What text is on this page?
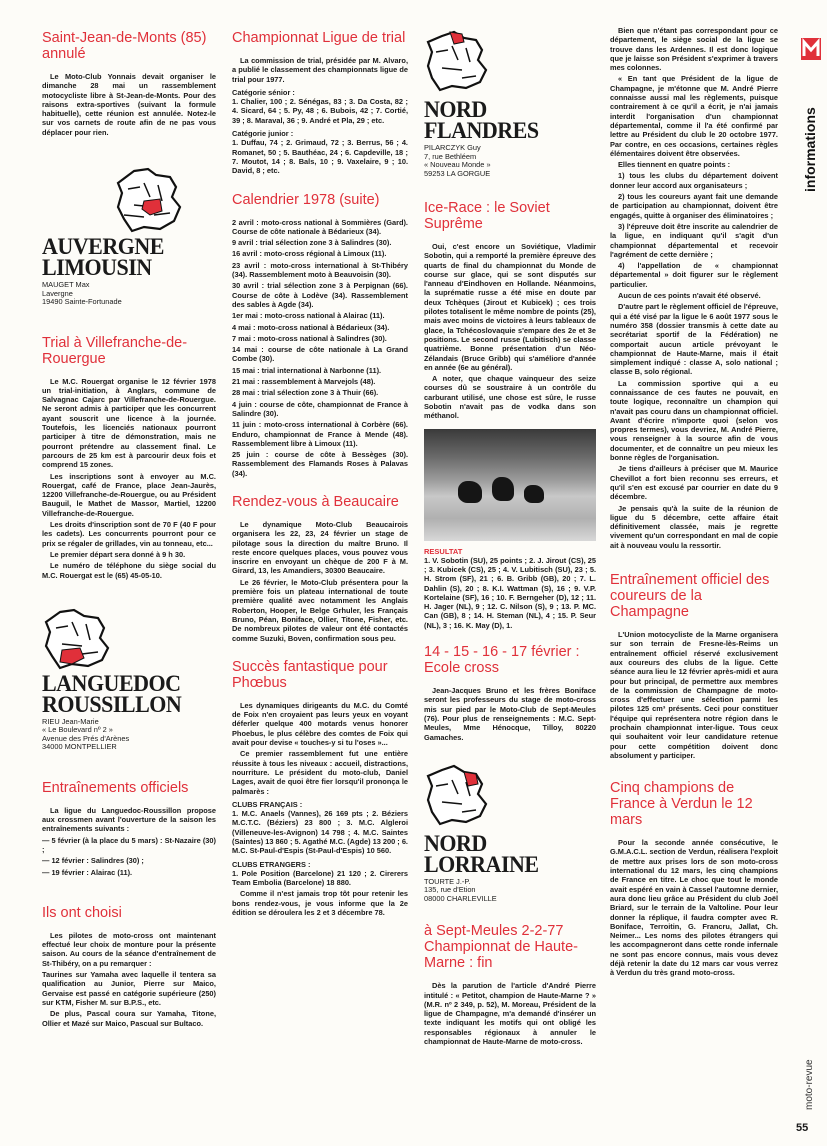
Saint-Jean-de-Monts (85) annulé

Le Moto-Club Yonnais devait organiser le dimanche 28 mai un rassemblement motocycliste libre à St-Jean-de-Monts. Pour des raisons extra-sportives (suivant la formule habituelle), cette réunion est annulée. Notez-le sur vos carnets de route afin de ne pas vous déplacer pour rien.

AUVERGNE
LIMOUSIN
MAUGET Max
Lavergne
19490 Sainte-Fortunade
Trial à Villefranche-de-Rouergue

Le M.C. Rouergat organise le 12 février 1978 un trial-initiation, à Anglars, commune de Salvagnac Cajarc par Villefranche-de-Rouergue. Ne seront admis à participer que les concurrent ayant souscrit une licence à la journée. Toutefois, les licenciés nationaux pourront participer à titre de démonstration, mais ne pourront prétendre au classement final. Le parcours de 25 km est à parcourir deux fois et comprend 15 zones.

Les inscriptions sont à envoyer au M.C. Rouergat, café de France, place Jean-Jaurès, 12200 Villefranche-de-Rouergue, ou au Président Bauguil, le Mathet de Massor, Martiel, 12200 Villefranche-de-Rouergue.

Les droits d'inscription sont de 70 F (40 F pour les cadets). Les concurrents pourront pour ce prix se régaler de grillades, vin au tonneau, etc...

Le premier départ sera donné à 9 h 30.

Le numéro de téléphone du siège social du M.C. Rouergat est le (65) 45-05-10.

LANGUEDOC
ROUSSILLON
RIEU Jean-Marie
« Le Boulevard nº 2 »
Avenue des Prés d'Arènes
34000 MONTPELLIER
Entraînements officiels

La ligue du Languedoc-Roussillon propose aux crossmen avant l'ouverture de la saison les entraînements suivants :

— 5 février (à la place du 5 mars) : St-Nazaire (30) ;

— 12 février : Salindres (30) ;

— 19 février : Alairac (11).

Ils ont choisi

Les pilotes de moto-cross ont maintenant effectué leur choix de monture pour la présente saison. Au cours de la séance d'entraînement de St-Thibéry, on a pu remarquer :

Taurines sur Yamaha avec laquelle il tentera sa qualification au Junior, Pierre sur Maico, Gervaise est passé en catégorie supérieure (250) sur KTM, Fisher M. sur B.P.S., etc.

De plus, Pascal coura sur Yamaha, Titone, Ollier et Mazé sur Maico, Pascual sur Bultaco.

Championnat Ligue de trial

La commission de trial, présidée par M. Alvaro, a publié le classement des championnats ligue de trial pour 1977.

Catégorie sénior :

1. Chalier, 100 ; 2. Sénégas, 83 ; 3. Da Costa, 82 ; 4. Sicard, 64 ; 5. Py, 48 ; 6. Bubois, 42 ; 7. Cortié, 39 ; 8. Maraval, 36 ; 9. André et Pla, 29 ; etc.

Catégorie junior :

1. Duffau, 74 ; 2. Grimaud, 72 ; 3. Berrus, 56 ; 4. Romanet, 50 ; 5. Bauthéac, 24 ; 6. Capdeville, 18 ; 7. Moutot, 14 ; 8. Bals, 10 ; 9. Vaxelaire, 9 ; 10. David, 8 ; etc.

Calendrier 1978 (suite)

2 avril : moto-cross national à Sommières (Gard). Course de côte nationale à Bédarieux (34).

9 avril : trial sélection zone 3 à Salindres (30).

16 avril : moto-cross régional à Limoux (11).

23 avril : moto-cross international à St-Thibéry (34). Rassemblement moto à Beauvoisin (30).

30 avril : trial sélection zone 3 à Perpignan (66). Course de côte à Lodève (34). Rassemblement des sables à Agde (34).

1er mai : moto-cross national à Alairac (11).

4 mai : moto-cross national à Bédarieux (34).

7 mai : moto-cross national à Salindres (30).

14 mai : course de côte nationale à La Grand Combe (30).

15 mai : trial international à Narbonne (11).

21 mai : rassemblement à Marvejols (48).

28 mai : trial sélection zone 3 à Thuir (66).

4 juin : course de côte, championnat de France à Salindre (30).

11 juin : moto-cross international à Corbère (66). Enduro, championnat de France à Mende (48). Rassemblement libre à Limoux (11).

25 juin : course de côte à Bessèges (30). Rassemblement des Flamands Roses à Palavas (34).

Rendez-vous à Beaucaire

Le dynamique Moto-Club Beaucairois organisera les 22, 23, 24 février un stage de pilotage sous la direction du maître Bruno. Il reste encore quelques places, vous pouvez vous inscrire en envoyant un chèque de 200 F à M. Girard, 13, les Amandiers, 30300 Beaucaire.

Le 26 février, le Moto-Club présentera pour la première fois un plateau international de toute première qualité avec notamment les Anglais Roberton, Hooper, le Belge Grhuler, les Français Bruno, Péan, Boniface, Ollier, Titone, Fisher, etc. De nombreux pilotes de valeur ont été contactés comme Suzuki, Boven, confirmation sous peu.

Succès fantastique pour Phœbus

Les dynamiques dirigeants du M.C. du Comté de Foix n'en croyaient pas leurs yeux en voyant déferler quelque 400 motards venus honorer Phoebus, le plus célèbre des comtes de Foix qui avait pour devise « touches-y si tu l'oses »...

Ce premier rassemblement fut une entière réussite à tous les niveaux : accueil, distractions, nourriture. Le président du moto-club, Daniel Lages, avait de quoi être fier lorsqu'il prononça le palmarès :

CLUBS FRANÇAIS :

1. M.C. Anaels (Vannes), 26 169 pts ; 2. Béziers M.C.T.C. (Béziers) 23 800 ; 3. M.C. Algleroi (Villeneuve-les-Avignon) 14 798 ; 4. M.C. Saintes (Saintes) 13 860 ; 5. Agathé M.C. (Agde) 13 200 ; 6. M.C. St-Paul-d'Espis (St-Paul-d'Espis) 10 560.

CLUBS ETRANGERS :

1. Pole Position (Barcelone) 21 120 ; 2. Cirerers Team Embolia (Barcelone) 18 880.

Comme il n'est jamais trop tôt pour retenir les bons rendez-vous, je vous informe que la 2e édition se déroulera les 2 et 3 décembre 78.

NORD FLANDRES
PILARCZYK Guy
7, rue Bethléem
« Nouveau Monde »
59253 LA GORGUE
Ice-Race : le Soviet Suprême

Oui, c'est encore un Soviétique, Vladimir Sobotin, qui a remporté la première épreuve des quarts de final du championnat du Monde de course sur glace, qui se sont disputés sur l'anneau d'Eindhoven en Hollande. Néanmoins, la suprématie russe a été mise en doute par deux Tchèques (Jirout et Kubicek) ; ces trois pilotes totalisent le même nombre de points (25), mais avec moins de victoires à leurs tableaux de glace, la Tchécoslovaquie s'empare des 2e et 3e positions. Le second russe (Lubitisch) se classe quatrième. Bonne présentation d'un Néo-Zélandais (Bruce Gribb) qui s'améliore d'année en année (6e au général).

A noter, que chaque vainqueur des seize courses dû se soustraire à un contrôle du carburant utilisé, une chose est sûre, le russe Sobotin n'avait pas de vodka dans son méthanol.

RESULTAT

1. V. Sobotin (SU), 25 points ; 2. J. Jirout (CS), 25 ; 3. Kubicek (CS), 25 ; 4. V. Lubitisch (SU), 23 ; 5. H. Strom (SF), 21 ; 6. B. Gribb (GB), 20 ; 7. L. Dahlin (S), 20 ; 8. K.I. Wattman (S), 16 ; 9. V.P. Kortelaine (SF), 16 ; 10. F. Berngeher (D), 12 ; 11. H. Jager (NL), 9 ; 12. C. Nilson (S), 9 ; 13. P. MC. Can (GB), 8 ; 14. H. Steman (NL), 4 ; 15. P. Seur (NL), 3 ; 16. K. May (D), 1.

14 - 15 - 16 - 17 février : Ecole cross

Jean-Jacques Bruno et les frères Boniface seront les professeurs du stage de moto-cross mis sur pied par le Moto-Club de Sept-Meules (76). Pour plus de renseignements : M.C. Sept-Meules, Mme Hénocque, Tilloy, 80220 Gamaches.

NORD LORRAINE
TOURTE J.-P.
135, rue d'Etion
08000 CHARLEVILLE
à Sept-Meules 2-2-77 Championnat de Haute-Marne : fin

Dès la parution de l'article d'André Pierre intitulé : « Petitot, champion de Haute-Marne ? » (M.R. nº 2 349, p. 52), M. Moreau, Président de la ligue de Champagne, m'a demandé d'insérer un texte indiquant les motifs qui ont obligé les responsables régionaux à annuler le championnat de Haute-Marne de moto-cross.

Bien que n'étant pas correspondant pour ce département, le siège social de la ligue se trouve dans les Ardennes. Il est donc logique que je laisse son Président s'exprimer à travers mes colonnes.

« En tant que Président de la ligue de Champagne, je m'étonne que M. André Pierre connaisse aussi mal les règlements, puisque contrairement à ce qu'il a écrit, je n'ai jamais interdit l'organisation d'un championnat départemental, comme il l'a été confirmé par lettre au Président du club le 20 octobre 1977. Par contre, en ces occasions, certaines règles élémentaires doivent être observées.

Elles tiennent en quatre points :

1) tous les clubs du département doivent donner leur accord aux organisateurs ;

2) tous les coureurs ayant fait une demande de participation au championnat, doivent être engagés, quitte à organiser des éliminatoires ;

3) l'épreuve doit être inscrite au calendrier de la ligue, en indiquant qu'il s'agit d'un championnat départemental et recevoir l'agrément de cette dernière ;

4) l'appellation de « championnat départemental » doit figurer sur le règlement particulier.

Aucun de ces points n'avait été observé.

D'autre part le règlement officiel de l'épreuve, qui a été visé par la ligue le 6 août 1977 sous le numéro 358 (dossier transmis à cette date au secrétariat sportif de la Fédération) ne comportait aucun article prévoyant le championnat de Haute-Marne, mais il était simplement indiqué : classe A, solo national ; classe B, solo régional.

La commission sportive qui a eu connaissance de ces fautes ne pouvait, en toute logique, reconnaître un champion qui n'avait pas couru dans un championnat officiel. Avant d'écrire n'importe quoi (selon vos propres termes), vous devriez, M. André Pierre, vous renseigner à la source afin de vous documenter, et de connaître un peu mieux les bonne règles de l'organisation.

Je tiens d'ailleurs à préciser que M. Maurice Chevillot a fort bien reconnu ses erreurs, et qu'il s'en est excusé par courrier en date du 9 décembre.

Je pensais qu'à la suite de la réunion de ligue du 5 décembre, cette affaire était définitivement classée, mais je regrette vivement qu'un correspondant en mal de copie ait à nouveau voulu la ressortir.

Entraînement officiel des coureurs de la Champagne

L'Union motocycliste de la Marne organisera sur son terrain de Fresne-lès-Reims un entraînement officiel réservé exclusivement aux coureurs des clubs de la ligue. Cette séance aura lieu le 12 février après-midi et aura pour but principal, de permettre aux membres de la commission de Champagne de moto-cross d'effectuer une sélection parmi les pilotes 125 cm³ présents. Ceci pour constituer l'équipe qui représentera notre région dans le prochain championnat inter-ligue. Tous ceux qui souhaitent voir leur candidature retenue pour cette compétition doivent donc absolument y participer.

Cinq champions de France à Verdun le 12 mars

Pour la seconde année consécutive, le G.M.A.C.L. section de Verdun, réalisera l'exploit de mettre aux prises lors de son moto-cross international du 12 mars, les cinq champions de France en titre. Le choc que tout le monde avait espéré en vain à Cassel l'automne dernier, aura donc lieu grâce au Président du club Joël Briard, sur le terrain de la Valtoline. Pour leur donner la réplique, il faudra compter avec R. Boniface, Terroitin, G. Francru, Jallat, Ch. Neimer... Les noms des pilotes étrangers qui les accompagneront dans cette ronde infernale ne sont pas encore connus, mais vous devez déjà retenir la date du 12 mars car vous verrez à Verdun du très grand moto-cross.

informations
moto-revue
55
